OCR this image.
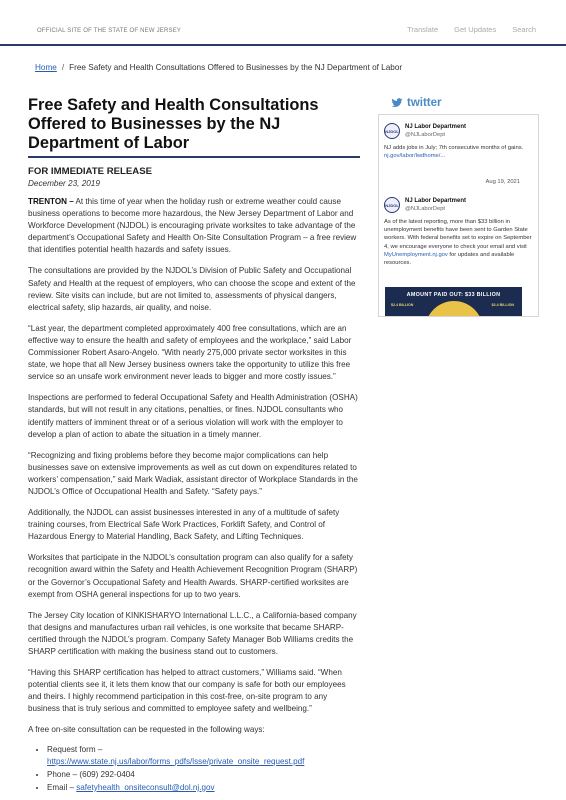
OFFICIAL SITE OF THE STATE OF NEW JERSEY	Translate Get Updates Search
Home / Free Safety and Health Consultations Offered to Businesses by the NJ Department of Labor
Free Safety and Health Consultations Offered to Businesses by the NJ Department of Labor
FOR IMMEDIATE RELEASE
December 23, 2019

TRENTON – At this time of year when the holiday rush or extreme weather could cause business operations to become more hazardous, the New Jersey Department of Labor and Workforce Development (NJDOL) is encouraging private worksites to take advantage of the department’s Occupational Safety and Health On-Site Consultation Program – a free review that identifies potential health hazards and safety issues.

The consultations are provided by the NJDOL’s Division of Public Safety and Occupational Safety and Health at the request of employers, who can choose the scope and extent of the review. Site visits can include, but are not limited to, assessments of physical dangers, electrical safety, slip hazards, air quality, and noise.

“Last year, the department completed approximately 400 free consultations, which are an effective way to ensure the health and safety of employees and the workplace,” said Labor Commissioner Robert Asaro-Angelo. “With nearly 275,000 private sector worksites in this state, we hope that all New Jersey business owners take the opportunity to utilize this free service so an unsafe work environment never leads to bigger and more costly issues.”

Inspections are performed to federal Occupational Safety and Health Administration (OSHA) standards, but will not result in any citations, penalties, or fines. NJDOL consultants who identify matters of imminent threat or of a serious violation will work with the employer to develop a plan of action to abate the situation in a timely manner.

“Recognizing and fixing problems before they become major complications can help businesses save on extensive improvements as well as cut down on expenditures related to workers’ compensation,” said Mark Wadiak, assistant director of Workplace Standards in the NJDOL’s Office of Occupational Health and Safety. “Safety pays.”

Additionally, the NJDOL can assist businesses interested in any of a multitude of safety training courses, from Electrical Safe Work Practices, Forklift Safety, and Control of Hazardous Energy to Material Handling, Back Safety, and Lifting Techniques.

Worksites that participate in the NJDOL’s consultation program can also qualify for a safety recognition award within the Safety and Health Achievement Recognition Program (SHARP) or the Governor’s Occupational Safety and Health Awards. SHARP-certified worksites are exempt from OSHA general inspections for up to two years.

The Jersey City location of KINKISHARYO International L.L.C., a California-based company that designs and manufactures urban rail vehicles, is one worksite that became SHARP-certified through the NJDOL’s program. Company Safety Manager Bob Williams credits the SHARP certification with making the business stand out to customers.

“Having this SHARP certification has helped to attract customers,” Williams said. “When potential clients see it, it lets them know that our company is safe for both our employees and theirs. I highly recommend participation in this cost-free, on-site program to any business that is truly serious and committed to employee safety and wellbeing.”

A free on-site consultation can be requested in the following ways:

• Request form –
https://www.state.nj.us/labor/forms_pdfs/lsse/private_onsite_request.pdf
• Phone – (609) 292-0404
• Email – safetyhealth_onsiteconsult@dol.nj.gov
twitter
NJDOL
NJ Labor Department
@NJLaborDept
NJ adds jobs in July; 7th consecutive months of gains. nj.gov/labor/lwdhome/...
Aug 19, 2021
NJDOL
NJ Labor Department
@NJLaborDept
As of the latest reporting, more than $33 billion in unemployment benefits have been sent to Garden State workers. With federal benefits set to expire on September 4, we encourage everyone to check your email and visit MyUnemployment.nj.gov for updates and available resources.
AMOUNT PAID OUT: $33 BILLION
$2.4 BILLION	$2.4 BILLION
